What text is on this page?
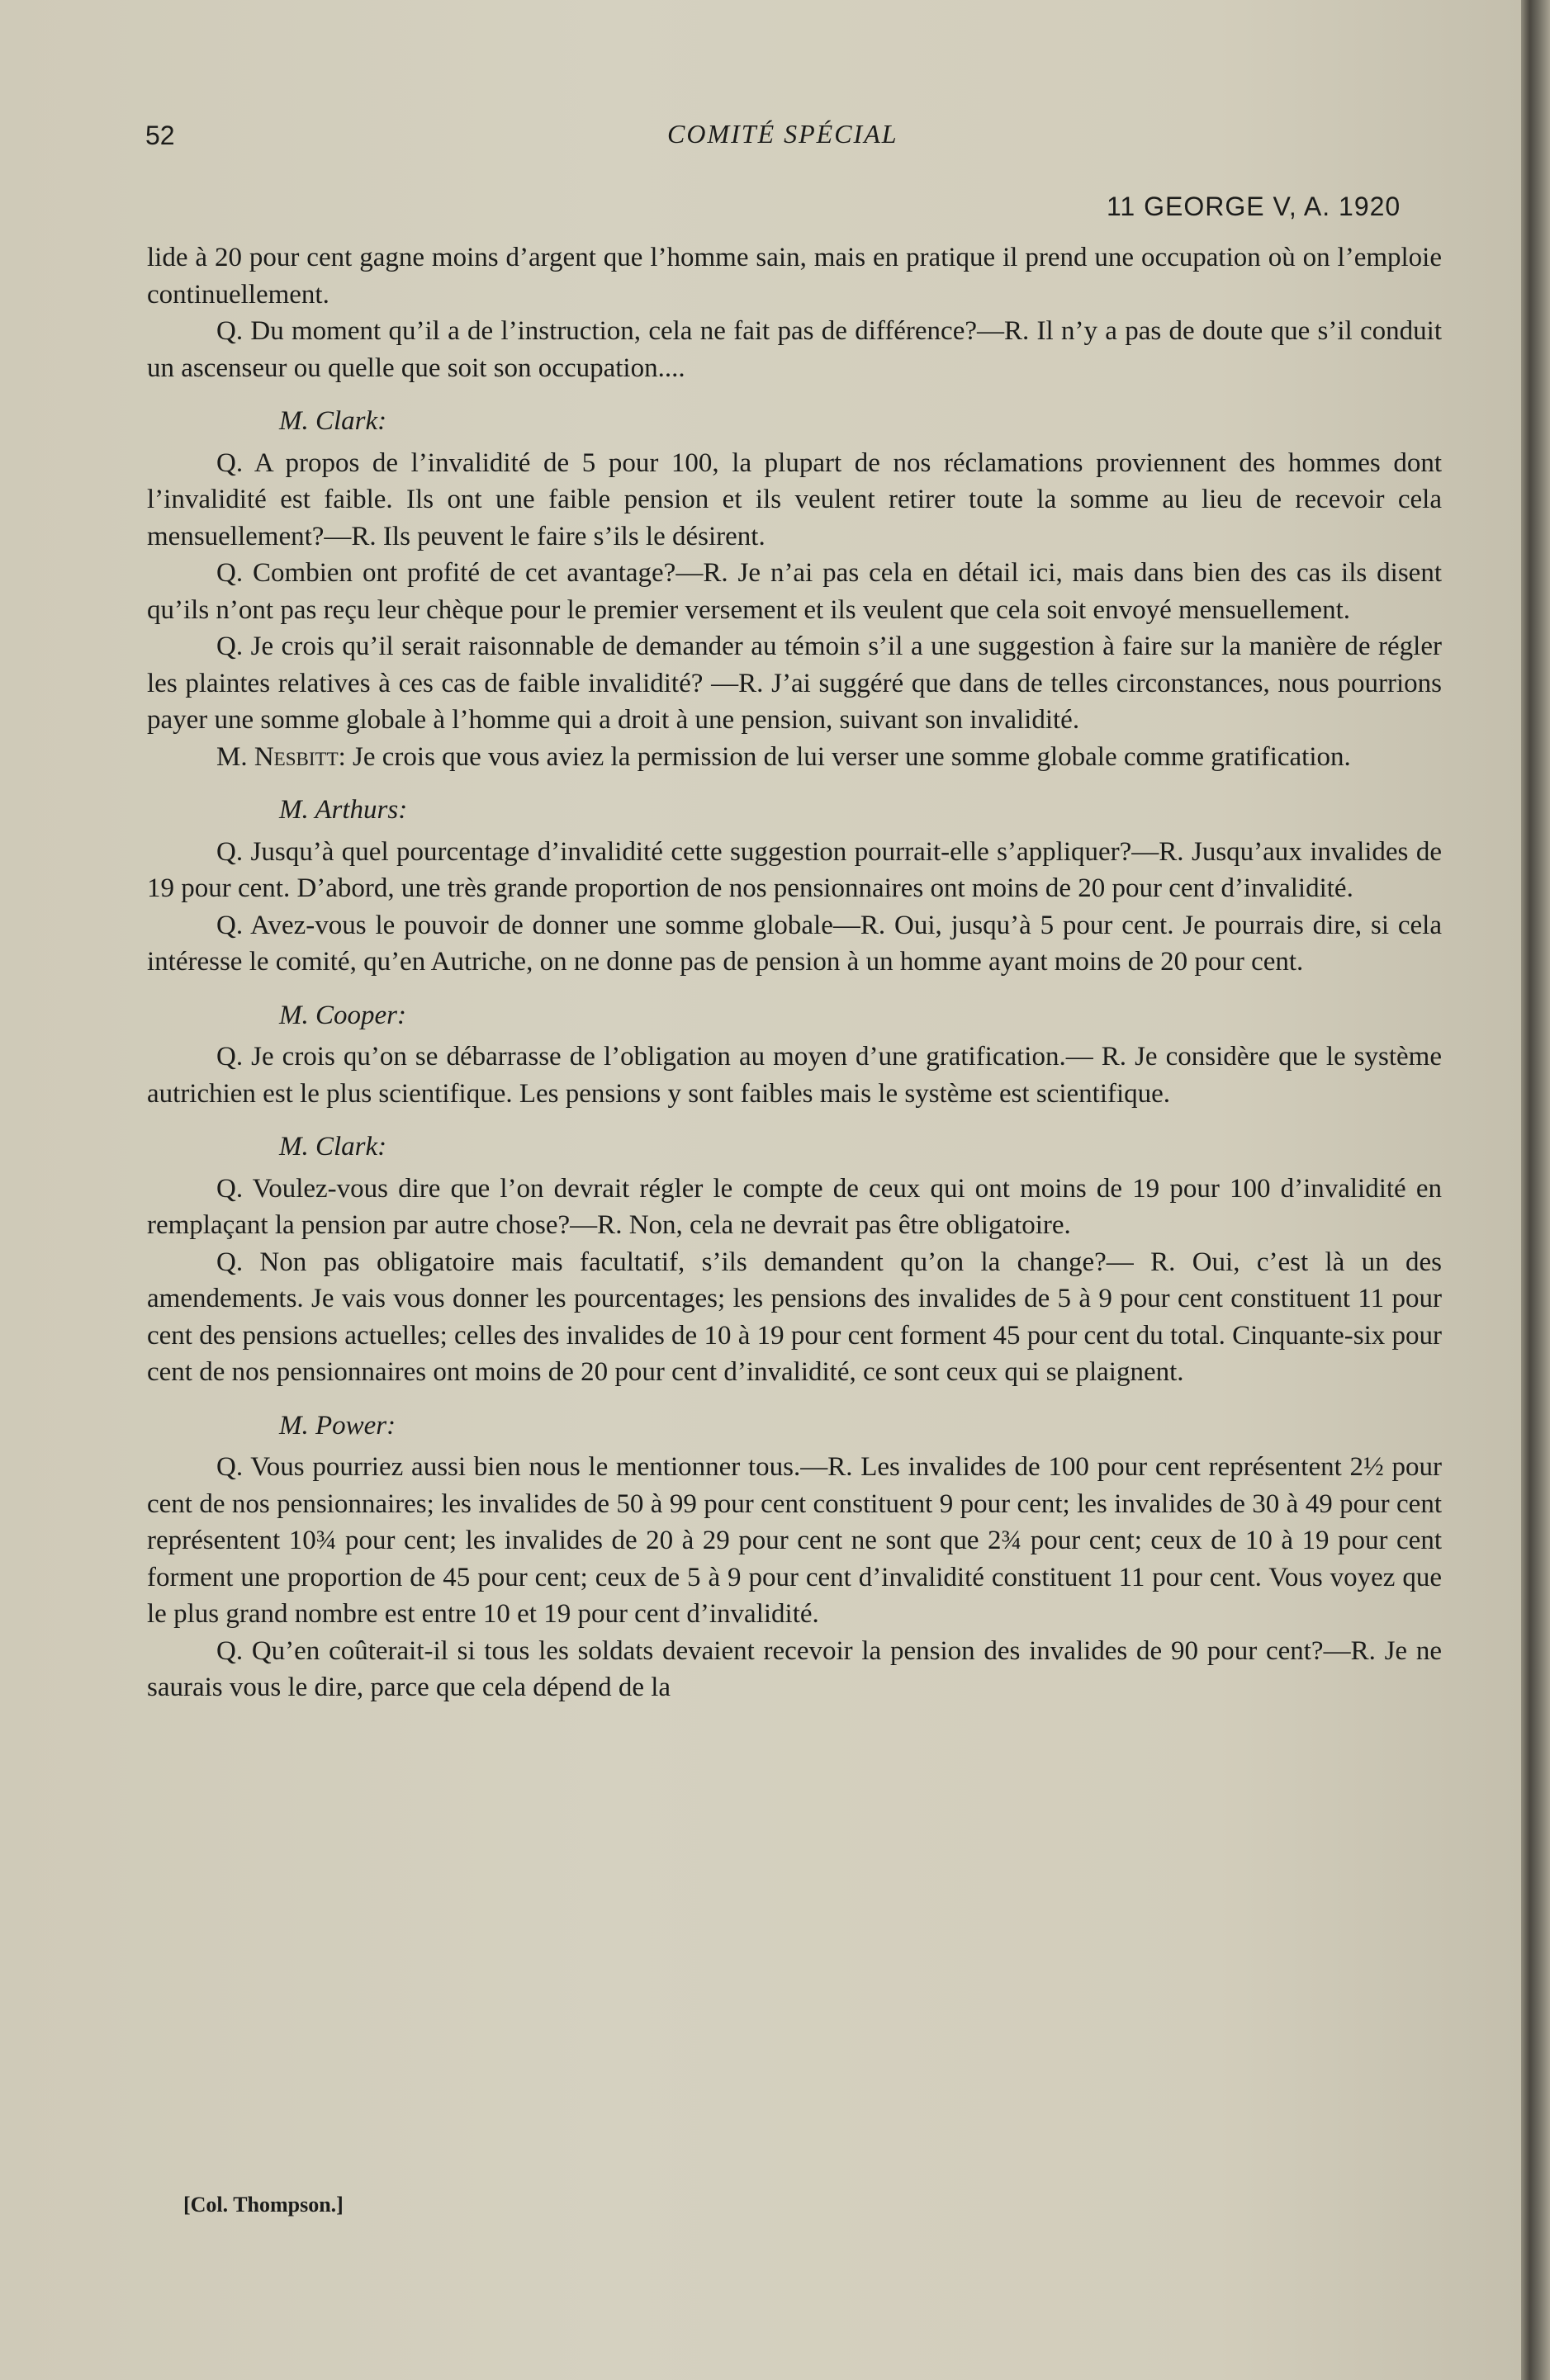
52	COMITÉ SPÉCIAL
11 GEORGE V, A. 1920

lide à 20 pour cent gagne moins d’argent que l’homme sain, mais en pratique il prend une occupation où on l’emploie continuellement.

Q. Du moment qu’il a de l’instruction, cela ne fait pas de différence?—R. Il n’y a pas de doute que s’il conduit un ascenseur ou quelle que soit son occupation....

M. Clark:

Q. A propos de l’invalidité de 5 pour 100, la plupart de nos réclamations proviennent des hommes dont l’invalidité est faible. Ils ont une faible pension et ils veulent retirer toute la somme au lieu de recevoir cela mensuellement?—R. Ils peuvent le faire s’ils le désirent.

Q. Combien ont profité de cet avantage?—R. Je n’ai pas cela en détail ici, mais dans bien des cas ils disent qu’ils n’ont pas reçu leur chèque pour le premier versement et ils veulent que cela soit envoyé mensuellement.

Q. Je crois qu’il serait raisonnable de demander au témoin s’il a une suggestion à faire sur la manière de régler les plaintes relatives à ces cas de faible invalidité? —R. J’ai suggéré que dans de telles circonstances, nous pourrions payer une somme globale à l’homme qui a droit à une pension, suivant son invalidité.

M. Nesbitt: Je crois que vous aviez la permission de lui verser une somme globale comme gratification.

M. Arthurs:

Q. Jusqu’à quel pourcentage d’invalidité cette suggestion pourrait-elle s’appliquer?—R. Jusqu’aux invalides de 19 pour cent. D’abord, une très grande proportion de nos pensionnaires ont moins de 20 pour cent d’invalidité.

Q. Avez-vous le pouvoir de donner une somme globale—R. Oui, jusqu’à 5 pour cent. Je pourrais dire, si cela intéresse le comité, qu’en Autriche, on ne donne pas de pension à un homme ayant moins de 20 pour cent.

M. Cooper:

Q. Je crois qu’on se débarrasse de l’obligation au moyen d’une gratification.— R. Je considère que le système autrichien est le plus scientifique. Les pensions y sont faibles mais le système est scientifique.

M. Clark:

Q. Voulez-vous dire que l’on devrait régler le compte de ceux qui ont moins de 19 pour 100 d’invalidité en remplaçant la pension par autre chose?—R. Non, cela ne devrait pas être obligatoire.

Q. Non pas obligatoire mais facultatif, s’ils demandent qu’on la change?— R. Oui, c’est là un des amendements. Je vais vous donner les pourcentages; les pensions des invalides de 5 à 9 pour cent constituent 11 pour cent des pensions actuelles; celles des invalides de 10 à 19 pour cent forment 45 pour cent du total. Cinquante-six pour cent de nos pensionnaires ont moins de 20 pour cent d’invalidité, ce sont ceux qui se plaignent.

M. Power:

Q. Vous pourriez aussi bien nous le mentionner tous.—R. Les invalides de 100 pour cent représentent 2½ pour cent de nos pensionnaires; les invalides de 50 à 99 pour cent constituent 9 pour cent; les invalides de 30 à 49 pour cent représentent 10¾ pour cent; les invalides de 20 à 29 pour cent ne sont que 2¾ pour cent; ceux de 10 à 19 pour cent forment une proportion de 45 pour cent; ceux de 5 à 9 pour cent d’invalidité constituent 11 pour cent. Vous voyez que le plus grand nombre est entre 10 et 19 pour cent d’invalidité.

Q. Qu’en coûterait-il si tous les soldats devaient recevoir la pension des invalides de 90 pour cent?—R. Je ne saurais vous le dire, parce que cela dépend de la

[Col. Thompson.]
